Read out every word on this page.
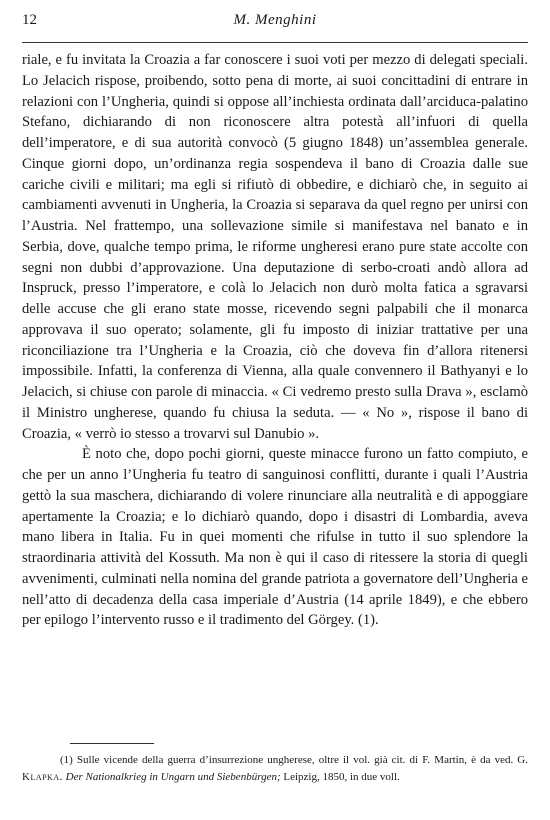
12	M. Menghini

riale, e fu invitata la Croazia a far conoscere i suoi voti per mezzo di delegati speciali. Lo Jelacich rispose, proibendo, sotto pena di morte, ai suoi concittadini di entrare in relazioni con l’Ungheria, quindi si oppose all’inchiesta ordinata dall’arciduca-palatino Stefano, dichiarando di non riconoscere altra potestà all’infuori di quella dell’imperatore, e di sua autorità convocò (5 giugno 1848) un’assemblea generale. Cinque giorni dopo, un’ordinanza regia sospendeva il bano di Croazia dalle sue cariche civili e militari; ma egli si rifiutò di obbedire, e dichiarò che, in seguito ai cambiamenti avvenuti in Ungheria, la Croazia si separava da quel regno per unirsi con l’Austria. Nel frattempo, una sollevazione simile si manifestava nel banato e in Serbia, dove, qualche tempo prima, le riforme ungheresi erano pure state accolte con segni non dubbi d’approvazione. Una deputazione di serbo-croati andò allora ad Inspruck, presso l’imperatore, e colà lo Jelacich non durò molta fatica a sgravarsi delle accuse che gli erano state mosse, ricevendo segni palpabili che il monarca approvava il suo operato; solamente, gli fu imposto di iniziar trattative per una riconciliazione tra l’Ungheria e la Croazia, ciò che doveva fin d’allora ritenersi impossibile. Infatti, la conferenza di Vienna, alla quale convennero il Bathyanyi e lo Jelacich, si chiuse con parole di minaccia. « Ci vedremo presto sulla Drava », esclamò il Ministro ungherese, quando fu chiusa la seduta. — « No », rispose il bano di Croazia, « verrò io stesso a trovarvi sul Danubio ».

È noto che, dopo pochi giorni, queste minacce furono un fatto compiuto, e che per un anno l’Ungheria fu teatro di sanguinosi conflitti, durante i quali l’Austria gettò la sua maschera, dichiarando di volere rinunciare alla neutralità e di appoggiare apertamente la Croazia; e lo dichiarò quando, dopo i disastri di Lombardia, aveva mano libera in Italia. Fu in quei momenti che rifulse in tutto il suo splendore la straordinaria attività del Kossuth. Ma non è qui il caso di ritessere la storia di quegli avvenimenti, culminati nella nomina del grande patriota a governatore dell’Ungheria e nell’atto di decadenza della casa imperiale d’Austria (14 aprile 1849), e che ebbero per epilogo l’intervento russo e il tradimento del Görgey. (1).

(1) Sulle vicende della guerra d’insurrezione ungherese, oltre il vol. già cit. di F. Martin, è da ved. G. Klapka. Der Nationalkrieg in Ungarn und Siebenbürgen; Leipzig, 1850, in due voll.
